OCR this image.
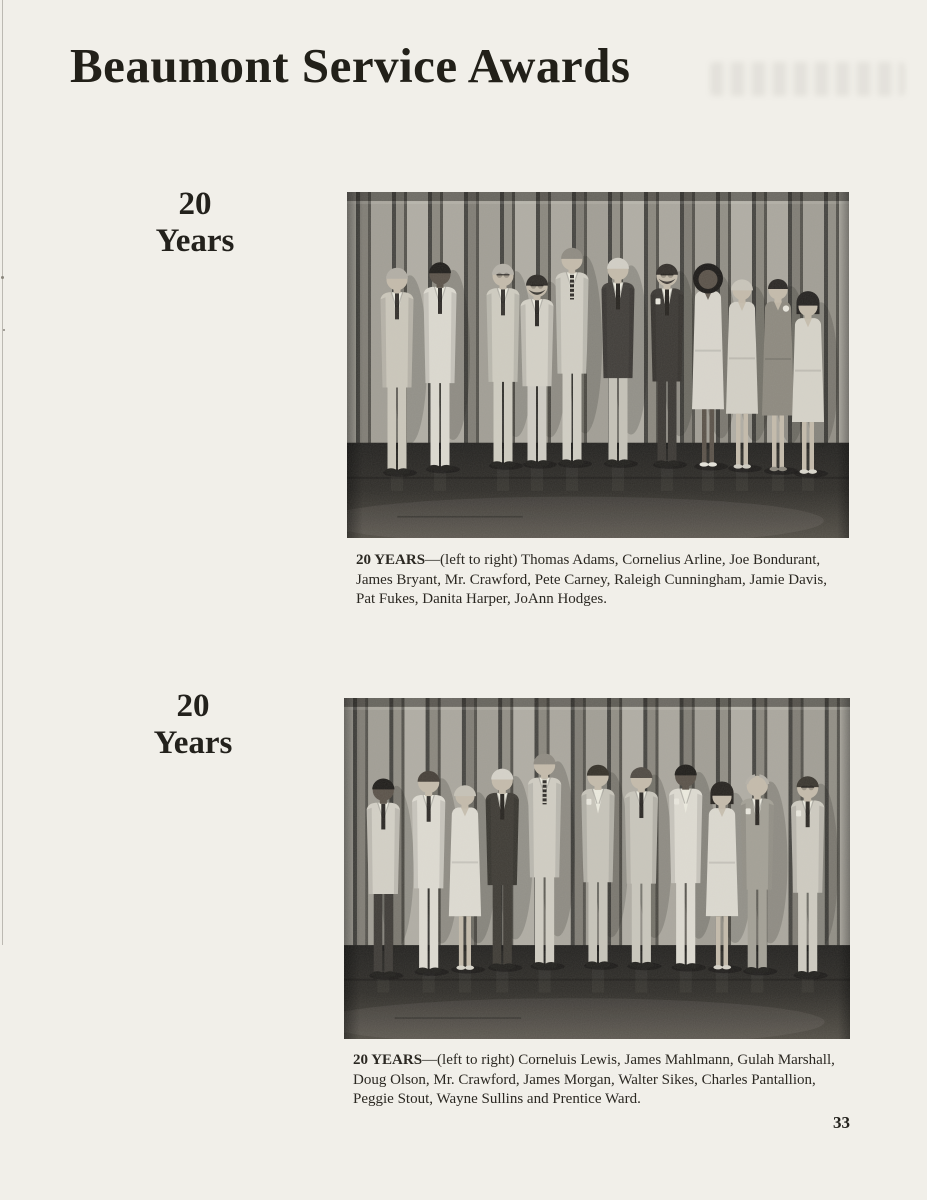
Beaumont Service Awards
20
Years

20 YEARS—(left to right) Thomas Adams, Cornelius Arline, Joe Bondurant,
James Bryant, Mr. Crawford, Pete Carney, Raleigh Cunningham, Jamie Davis,
Pat Fukes, Danita Harper, JoAnn Hodges.

20
Years

20 YEARS—(left to right) Corneluis Lewis, James Mahlmann, Gulah Marshall,
Doug Olson, Mr. Crawford, James Morgan, Walter Sikes, Charles Pantallion,
Peggie Stout, Wayne Sullins and Prentice Ward.

33
